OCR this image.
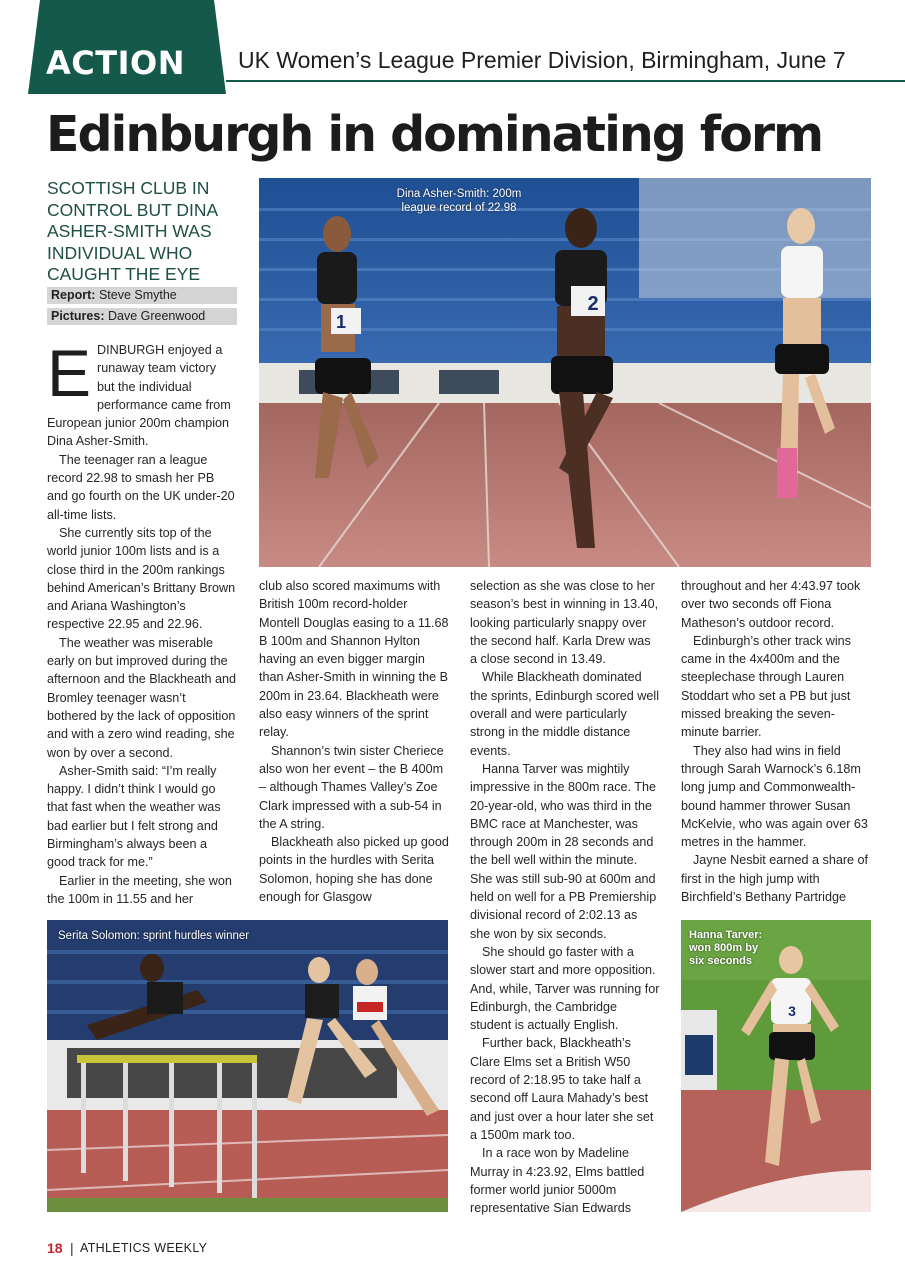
ACTION UK Women’s League Premier Division, Birmingham, June 7
Edinburgh in dominating form
SCOTTISH CLUB IN CONTROL BUT DINA ASHER-SMITH WAS INDIVIDUAL WHO CAUGHT THE EYE
Report: Steve Smythe
Pictures: Dave Greenwood	1
2
Dina Asher-Smith: 200m
league record of 22.98
Serita Solomon: sprint hurdles winner
3
Hanna Tarver:
won 800m by
six seconds

EDINBURGH enjoyed a runaway team victory but the individual performance came from European junior 200m champion Dina Asher-Smith.

The teenager ran a league record 22.98 to smash her PB and go fourth on the UK under-20 all-time lists.

She currently sits top of the world junior 100m lists and is a close third in the 200m rankings behind American’s Brittany Brown and Ariana Washington’s respective 22.95 and 22.96.

The weather was miserable early on but improved during the afternoon and the Blackheath and Bromley teenager wasn’t bothered by the lack of opposition and with a zero wind reading, she won by over a second.

Asher-Smith said: “I’m really happy. I didn’t think I would go that fast when the weather was bad earlier but I felt strong and Birmingham’s always been a good track for me.”

Earlier in the meeting, she won the 100m in 11.55 and her

club also scored maximums with British 100m record-holder Montell Douglas easing to a 11.68 B 100m and Shannon Hylton having an even bigger margin than Asher-Smith in winning the B 200m in 23.64. Blackheath were also easy winners of the sprint relay.

Shannon’s twin sister Cheriece also won her event – the B 400m – although Thames Valley’s Zoe Clark impressed with a sub-54 in the A string.

Blackheath also picked up good points in the hurdles with Serita Solomon, hoping she has done enough for Glasgow

selection as she was close to her season’s best in winning in 13.40, looking particularly snappy over the second half. Karla Drew was a close second in 13.49.

While Blackheath dominated the sprints, Edinburgh scored well overall and were particularly strong in the middle distance events.

Hanna Tarver was mightily impressive in the 800m race. The 20-year-old, who was third in the BMC race at Manchester, was through 200m in 28 seconds and the bell well within the minute. She was still sub-90 at 600m and held on well for a PB Premiership divisional record of 2:02.13 as she won by six seconds.

She should go faster with a slower start and more opposition. And, while, Tarver was running for Edinburgh, the Cambridge student is actually English.

Further back, Blackheath’s Clare Elms set a British W50 record of 2:18.95 to take half a second off Laura Mahady’s best and just over a hour later she set a 1500m mark too.

In a race won by Madeline Murray in 4:23.92, Elms battled former world junior 5000m representative Sian Edwards

throughout and her 4:43.97 took over two seconds off Fiona Matheson’s outdoor record.

Edinburgh’s other track wins came in the 4x400m and the steeplechase through Lauren Stoddart who set a PB but just missed breaking the seven-minute barrier.

They also had wins in field through Sarah Warnock’s 6.18m long jump and Commonwealth-bound hammer thrower Susan McKelvie, who was again over 63 metres in the hammer.

Jayne Nesbit earned a share of first in the high jump with Birchfield’s Bethany Partridge

18 | ATHLETICS WEEKLY
